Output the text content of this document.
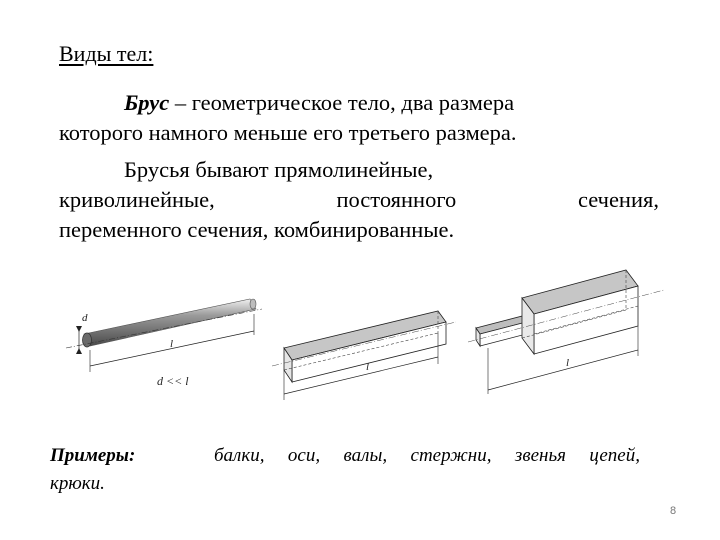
Виды тел:
Брус – геометрическое тело, два размера
которого намного меньше его третьего размера.
Брусья бывают прямолинейные,
криволинейные,	постоянного	сечения,
переменного сечения, комбинированные.
d
l
d << l
l	l
Примеры:	балки, оси, валы, стержни, звенья цепей,
крюки.
8
